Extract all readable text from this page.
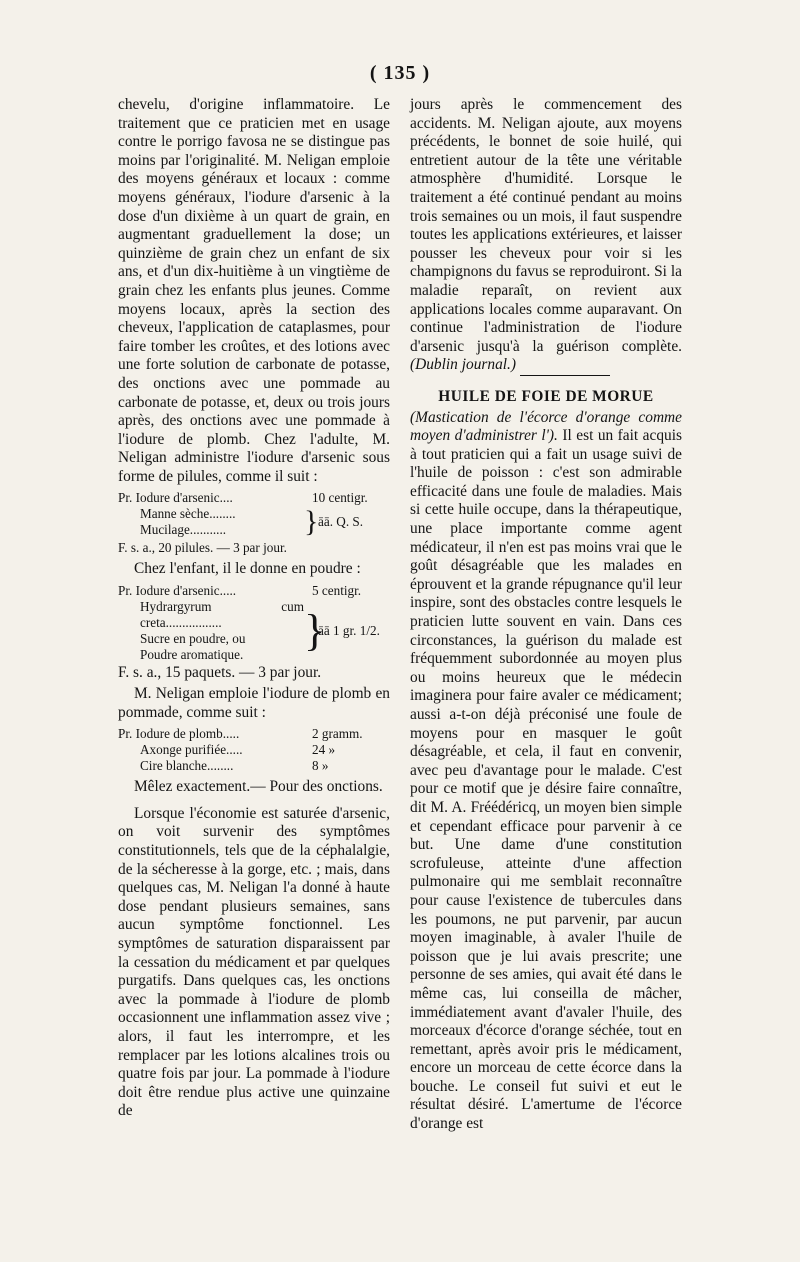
( 135 )

chevelu, d'origine inflammatoire. Le traitement que ce praticien met en usage contre le porrigo favosa ne se distingue pas moins par l'originalité. M. Neligan emploie des moyens généraux et locaux : comme moyens généraux, l'iodure d'arsenic à la dose d'un dixième à un quart de grain, en augmentant graduellement la dose; un quinzième de grain chez un enfant de six ans, et d'un dix-huitième à un vingtième de grain chez les enfants plus jeunes. Comme moyens locaux, après la section des cheveux, l'application de cataplasmes, pour faire tomber les croûtes, et des lotions avec une forte solution de carbonate de potasse, des onctions avec une pommade au carbonate de potasse, et, deux ou trois jours après, des onctions avec une pommade à l'iodure de plomb. Chez l'adulte, M. Neligan administre l'iodure d'arsenic sous forme de pilules, comme il suit :

Pr. Iodure d'arsenic....	10 centigr.
Manne sèche........
Mucilage...........	} āā. Q. S.
F. s. a., 20 pilules. — 3 par jour.

Chez l'enfant, il le donne en poudre :

Pr. Iodure d'arsenic.....	5 centigr.
Hydrargyrum cum creta.................
Sucre en poudre, ou
Poudre aromatique.	}
āā 1 gr. 1/2.
F. s. a., 15 paquets. — 3 par jour.

M. Neligan emploie l'iodure de plomb en pommade, comme suit :

Pr. Iodure de plomb.....	2 gramm.
Axonge purifiée.....	24 »
Cire blanche........	8 »

Mêlez exactement.— Pour des onctions.

Lorsque l'économie est saturée d'arsenic, on voit survenir des symptômes constitutionnels, tels que de la céphalalgie, de la sécheresse à la gorge, etc. ; mais, dans quelques cas, M. Neligan l'a donné à haute dose pendant plusieurs semaines, sans aucun symptôme fonctionnel. Les symptômes de saturation disparaissent par la cessation du médicament et par quelques purgatifs. Dans quelques cas, les onctions avec la pommade à l'iodure de plomb occasionnent une inflammation assez vive ; alors, il faut les interrompre, et les remplacer par les lotions alcalines trois ou quatre fois par jour. La pommade à l'iodure doit être rendue plus active une quinzaine de

jours après le commencement des accidents. M. Neligan ajoute, aux moyens précédents, le bonnet de soie huilé, qui entretient autour de la tête une véritable atmosphère d'humidité. Lorsque le traitement a été continué pendant au moins trois semaines ou un mois, il faut suspendre toutes les applications extérieures, et laisser pousser les cheveux pour voir si les champignons du favus se reproduiront. Si la maladie reparaît, on revient aux applications locales comme auparavant. On continue l'administration de l'iodure d'arsenic jusqu'à la guérison complète. (Dublin journal.)

HUILE DE FOIE DE MORUE

(Mastication de l'écorce d'orange comme moyen d'administrer l'). Il est un fait acquis à tout praticien qui a fait un usage suivi de l'huile de poisson : c'est son admirable efficacité dans une foule de maladies. Mais si cette huile occupe, dans la thérapeutique, une place importante comme agent médicateur, il n'en est pas moins vrai que le goût désagréable que les malades en éprouvent et la grande répugnance qu'il leur inspire, sont des obstacles contre lesquels le praticien lutte souvent en vain. Dans ces circonstances, la guérison du malade est fréquemment subordonnée au moyen plus ou moins heureux que le médecin imaginera pour faire avaler ce médicament; aussi a-t-on déjà préconisé une foule de moyens pour en masquer le goût désagréable, et cela, il faut en convenir, avec peu d'avantage pour le malade. C'est pour ce motif que je désire faire connaître, dit M. A. Fréédéricq, un moyen bien simple et cependant efficace pour parvenir à ce but. Une dame d'une constitution scrofuleuse, atteinte d'une affection pulmonaire qui me semblait reconnaître pour cause l'existence de tubercules dans les poumons, ne put parvenir, par aucun moyen imaginable, à avaler l'huile de poisson que je lui avais prescrite; une personne de ses amies, qui avait été dans le même cas, lui conseilla de mâcher, immédiatement avant d'avaler l'huile, des morceaux d'écorce d'orange séchée, tout en remettant, après avoir pris le médicament, encore un morceau de cette écorce dans la bouche. Le conseil fut suivi et eut le résultat désiré. L'amertume de l'écorce d'orange est
